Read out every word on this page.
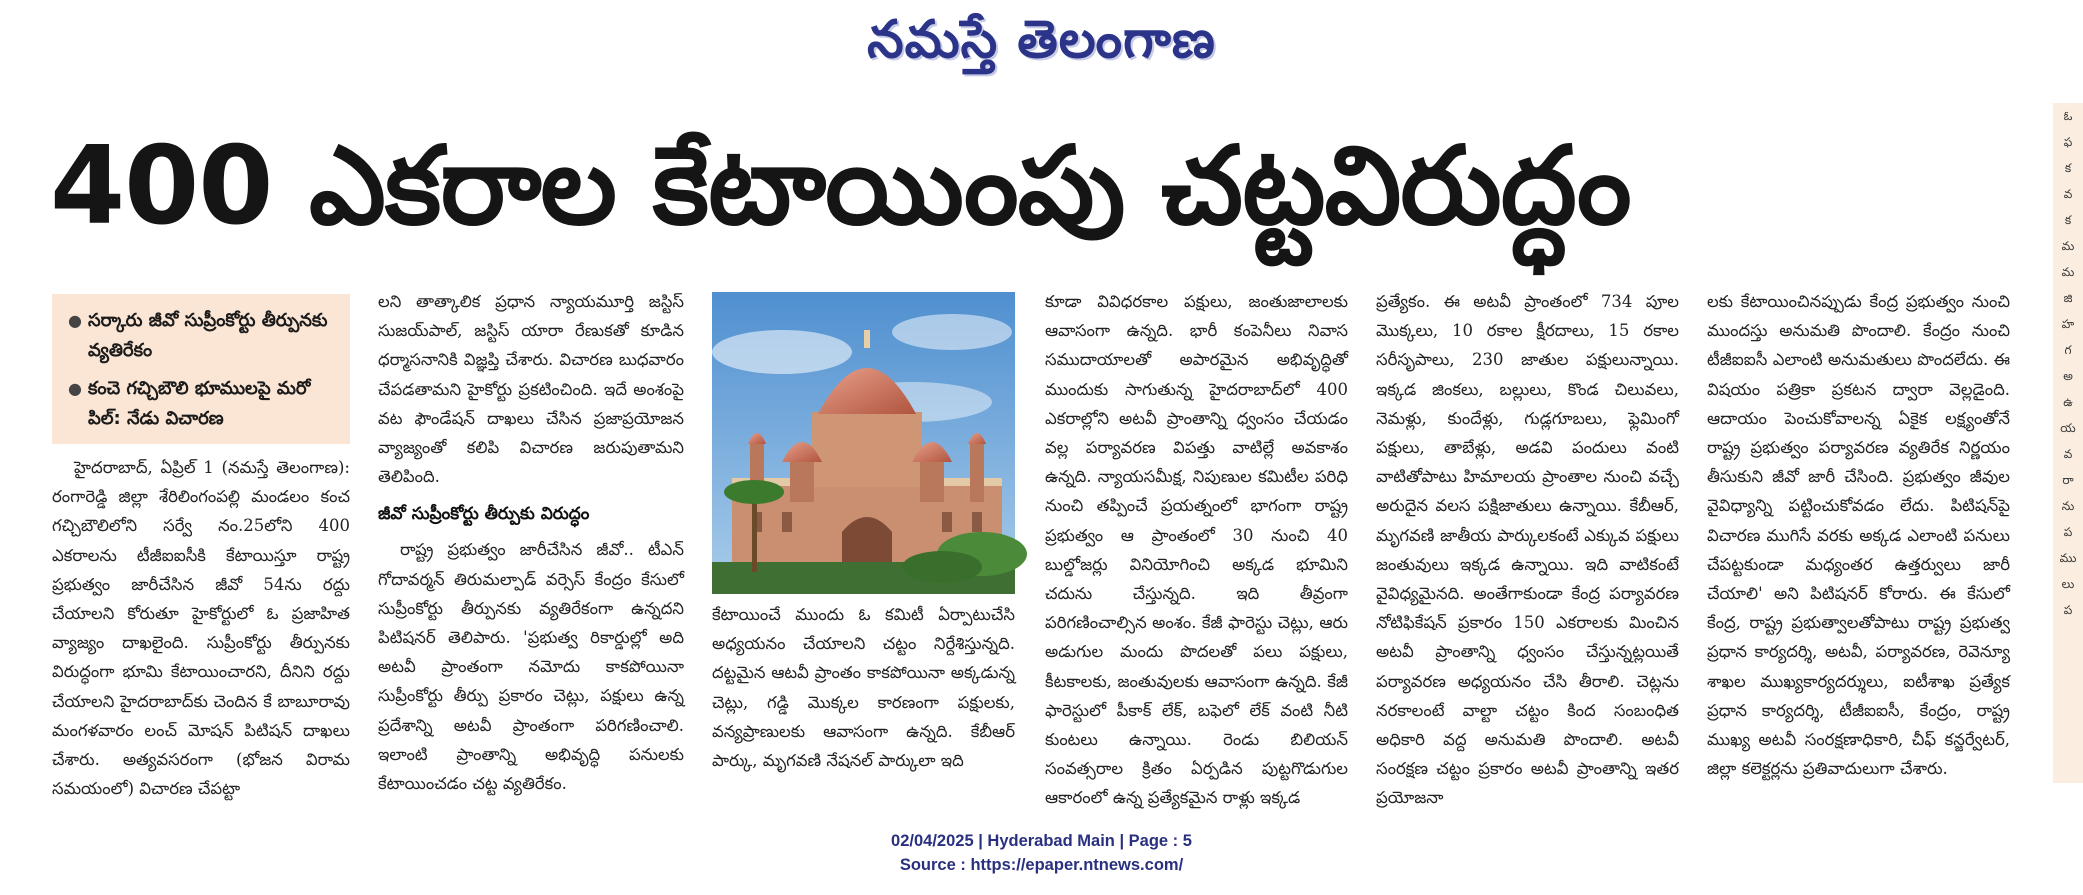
నమస్తే తెలంగాణ
400 ఎకరాల కేటాయింపు చట్టవిరుద్ధం
● సర్కారు జీవో సుప్రీంకోర్టు తీర్పునకు వ్యతిరేకం
● కంచె గచ్చిబౌలి భూములపై మరో పిల్‌: నేడు విచారణ

హైదరాబాద్‌, ఏప్రిల్‌ 1 (నమస్తే తెలంగాణ): రంగారెడ్డి జిల్లా శేరిలింగంపల్లి మండలం కంచ గచ్చిబౌలిలోని సర్వే నం.25లోని 400 ఎకరాలను టీజీఐఐసీకి కేటాయిస్తూ రాష్ట్ర ప్రభుత్వం జారీచేసిన జీవో 54ను రద్దు చేయాలని కోరుతూ హైకోర్టులో ఓ ప్రజాహిత వ్యాజ్యం దాఖలైంది. సుప్రీంకోర్టు తీర్పునకు విరుద్ధంగా భూమి కేటాయించారని, దీనిని రద్దు చేయాలని హైదరాబాద్‌కు చెందిన కే బాబూరావు మంగళవారం లంచ్‌ మోషన్‌ పిటిషన్‌ దాఖలు చేశారు. అత్యవసరంగా (భోజన విరామ సమయంలో) విచారణ చేపట్టా

లని తాత్కాలిక ప్రధాన న్యాయమూర్తి జస్టిస్‌ సుజయ్‌పాల్‌, జస్టిస్‌ యారా రేణుకతో కూడిన ధర్మాసనానికి విజ్ఞప్తి చేశారు. విచారణ బుధవారం చేపడతామని హైకోర్టు ప్రకటించింది. ఇదే అంశంపై వట ఫౌండేషన్‌ దాఖలు చేసిన ప్రజాప్రయోజన వ్యాజ్యంతో కలిపి విచారణ జరుపుతామని తెలిపింది.

జీవో సుప్రీంకోర్టు తీర్పుకు విరుద్ధం

రాష్ట్ర ప్రభుత్వం జారీచేసిన జీవో.. టీఎన్‌ గోదావర్మన్‌ తిరుమల్పాడ్‌ వర్సెస్‌ కేంద్రం కేసులో సుప్రీంకోర్టు తీర్పునకు వ్యతిరేకంగా ఉన్నదని పిటిషనర్‌ తెలిపారు. 'ప్రభుత్వ రికార్డుల్లో అది అటవీ ప్రాంతంగా నమోదు కాకపోయినా సుప్రీంకోర్టు తీర్పు ప్రకారం చెట్లు, పక్షులు ఉన్న ప్రదేశాన్ని అటవీ ప్రాంతంగా పరిగణించాలి. ఇలాంటి ప్రాంతాన్ని అభివృద్ధి పనులకు కేటాయించడం చట్ట వ్యతిరేకం.

కేటాయించే ముందు ఓ కమిటీ ఏర్పాటుచేసి అధ్యయనం చేయాలని చట్టం నిర్దేశిస్తున్నది. దట్టమైన ఆటవీ ప్రాంతం కాకపోయినా అక్కడున్న చెట్లు, గడ్డి మొక్కల కారణంగా పక్షులకు, వన్యప్రాణులకు ఆవాసంగా ఉన్నది. కేబీఆర్‌ పార్కు, మృగవణి నేషనల్‌ పార్కులా ఇది

కూడా వివిధరకాల పక్షులు, జంతుజాలాలకు ఆవాసంగా ఉన్నది. భారీ కంపెనీలు నివాస సముదాయాలతో అపారమైన అభివృద్ధితో ముందుకు సాగుతున్న హైదరాబాద్‌లో 400 ఎకరాల్లోని అటవీ ప్రాంతాన్ని ధ్వంసం చేయడం వల్ల పర్యావరణ విపత్తు వాటిల్లే అవకాశం ఉన్నది. న్యాయసమీక్ష, నిపుణుల కమిటీల పరిధి నుంచి తప్పించే ప్రయత్నంలో భాగంగా రాష్ట్ర ప్రభుత్వం ఆ ప్రాంతంలో 30 నుంచి 40 బుల్డోజర్లు వినియోగించి అక్కడ భూమిని చదును చేస్తున్నది. ఇది తీవ్రంగా పరిగణించాల్సిన అంశం. కేజీ ఫారెస్టు చెట్లు, ఆరు అడుగుల మందు పొదలతో పలు పక్షులు, కీటకాలకు, జంతువులకు ఆవాసంగా ఉన్నది. కేజీ ఫారెస్టులో పీకాక్‌ లేక్‌, బఫెలో లేక్‌ వంటి నీటి కుంటలు ఉన్నాయి. రెండు బిలియన్‌ సంవత్సరాల క్రితం ఏర్పడిన పుట్టగొడుగుల ఆకారంలో ఉన్న ప్రత్యేకమైన రాళ్లు ఇక్కడ

ప్రత్యేకం. ఈ అటవీ ప్రాంతంలో 734 పూల మొక్కలు, 10 రకాల క్షీరదాలు, 15 రకాల సరీసృపాలు, 230 జాతుల పక్షులున్నాయి. ఇక్కడ జింకలు, బల్లులు, కొండ చిలువలు, నెమళ్లు, కుందేళ్లు, గుడ్లగూబలు, ఫ్లెమింగో పక్షులు, తాబేళ్లు, అడవి పందులు వంటి వాటితోపాటు హిమాలయ ప్రాంతాల నుంచి వచ్చే అరుదైన వలస పక్షిజాతులు ఉన్నాయి. కేబీఆర్‌, మృగవణి జాతీయ పార్కులకంటే ఎక్కువ పక్షులు జంతువులు ఇక్కడ ఉన్నాయి. ఇది వాటికంటే వైవిధ్యమైనది. అంతేగాకుండా కేంద్ర పర్యావరణ నోటిఫికేషన్‌ ప్రకారం 150 ఎకరాలకు మించిన అటవీ ప్రాంతాన్ని ధ్వంసం చేస్తున్నట్లయితే పర్యావరణ అధ్యయనం చేసి తీరాలి. చెట్లను నరకాలంటే వాల్టా చట్టం కింద సంబంధిత అధికారి వద్ద అనుమతి పొందాలి. అటవీ సంరక్షణ చట్టం ప్రకారం అటవీ ప్రాంతాన్ని ఇతర ప్రయోజనా

లకు కేటాయించినప్పుడు కేంద్ర ప్రభుత్వం నుంచి ముందస్తు అనుమతి పొందాలి. కేంద్రం నుంచి టీజీఐఐసీ ఎలాంటి అనుమతులు పొందలేదు. ఈ విషయం పత్రికా ప్రకటన ద్వారా వెల్లడైంది. ఆదాయం పెంచుకోవాలన్న ఏకైక లక్ష్యంతోనే రాష్ట్ర ప్రభుత్వం పర్యావరణ వ్యతిరేక నిర్ణయం తీసుకుని జీవో జారీ చేసింది. ప్రభుత్వం జీవుల వైవిధ్యాన్ని పట్టించుకోవడం లేదు. పిటిషన్‌పై విచారణ ముగిసే వరకు అక్కడ ఎలాంటి పనులు చేపట్టకుండా మధ్యంతర ఉత్తర్వులు జారీ చేయాలి' అని పిటిషనర్‌ కోరారు. ఈ కేసులో కేంద్ర, రాష్ట్ర ప్రభుత్వాలతోపాటు రాష్ట్ర ప్రభుత్వ ప్రధాన కార్యదర్శి, అటవీ, పర్యావరణ, రెవెన్యూ శాఖల ముఖ్యకార్యదర్శులు, ఐటీశాఖ ప్రత్యేక ప్రధాన కార్యదర్శి, టీజీఐఐసీ, కేంద్రం, రాష్ట్ర ముఖ్య అటవీ సంరక్షణాధికారి, చీఫ్‌ కన్జర్వేటర్‌, జిల్లా కలెక్టర్లను ప్రతివాదులుగా చేశారు.

ఓ
ఫ
క
వ
క
మ
మ
జి
హ
గ
అ
ఉ
య
వ
రా
ను
ప
ము
లు
ప
02/04/2025 | Hyderabad Main | Page : 5
Source : https://epaper.ntnews.com/
